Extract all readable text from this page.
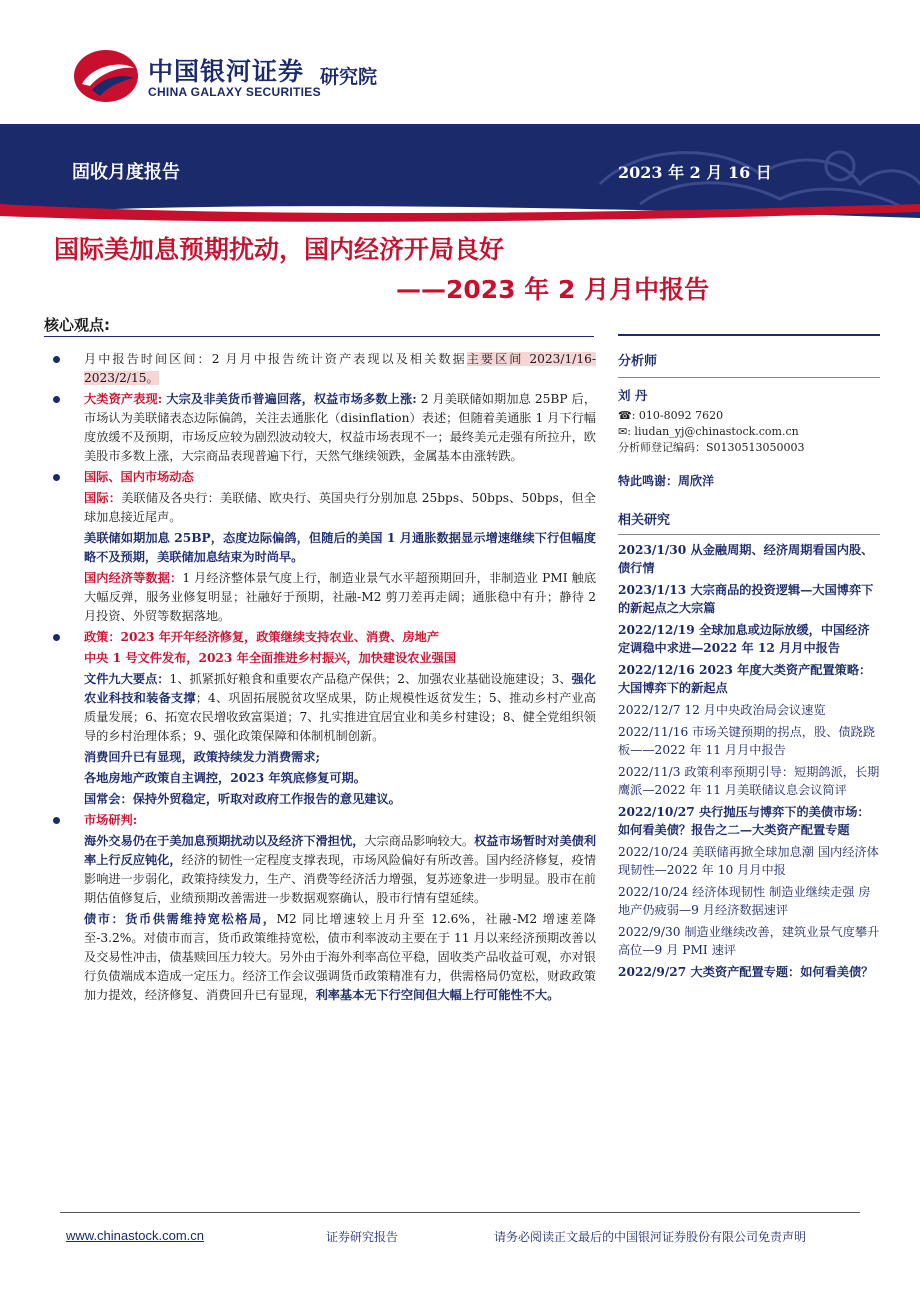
中国银河证券
CHINA GALAXY SECURITIES
研究院
固收月度报告	2023 年 2 月 16 日
国际美加息预期扰动，国内经济开局良好
——2023 年 2 月月中报告
核心观点:

月中报告时间区间：2 月月中报告统计资产表现以及相关数据主要区间 2023/1/16-2023/2/15。

大类资产表现: 大宗及非美货币普遍回落，权益市场多数上涨: 2 月美联储如期加息 25BP 后，市场认为美联储表态边际偏鸽，关注去通胀化（disinflation）表述；但随着美通胀 1 月下行幅度放缓不及预期，市场反应较为剧烈波动较大，权益市场表现不一；最终美元走强有所拉升，欧美股市多数上涨，大宗商品表现普遍下行，天然气继续领跌，金属基本由涨转跌。

国际、国内市场动态

国际：美联储及各央行：美联储、欧央行、英国央行分别加息 25bps、50bps、50bps，但全球加息接近尾声。

美联储如期加息 25BP，态度边际偏鸽，但随后的美国 1 月通胀数据显示增速继续下行但幅度略不及预期，美联储加息结束为时尚早。

国内经济等数据：1 月经济整体景气度上行，制造业景气水平超预期回升，非制造业 PMI 触底大幅反弹，服务业修复明显；社融好于预期，社融-M2 剪刀差再走阔；通胀稳中有升；静待 2 月投资、外贸等数据落地。

政策：2023 年开年经济修复，政策继续支持农业、消费、房地产

中央 1 号文件发布，2023 年全面推进乡村振兴，加快建设农业强国

文件九大要点：1、抓紧抓好粮食和重要农产品稳产保供；2、加强农业基础设施建设；3、强化农业科技和装备支撑；4、巩固拓展脱贫攻坚成果，防止规模性返贫发生；5、推动乡村产业高质量发展；6、拓宽农民增收致富渠道；7、扎实推进宜居宜业和美乡村建设；8、健全党组织领导的乡村治理体系；9、强化政策保障和体制机制创新。

消费回升已有显现，政策持续发力消费需求;

各地房地产政策自主调控，2023 年筑底修复可期。

国常会：保持外贸稳定，听取对政府工作报告的意见建议。

市场研判:

海外交易仍在于美加息预期扰动以及经济下滑担忧，大宗商品影响较大。权益市场暂时对美债利率上行反应钝化，经济的韧性一定程度支撑表现，市场风险偏好有所改善。国内经济修复，疫情影响进一步弱化，政策持续发力，生产、消费等经济活力增强，复苏迹象进一步明显。股市在前期估值修复后，业绩预期改善需进一步数据观察确认，股市行情有望延续。

债市：货币供需维持宽松格局，M2 同比增速较上月升至 12.6%，社融-M2 增速差降至-3.2%。对债市而言，货币政策维持宽松，债市利率波动主要在于 11 月以来经济预期改善以及交易性冲击，债基赎回压力较大。另外由于海外利率高位平稳，固收类产品收益可观，亦对银行负债端成本造成一定压力。经济工作会议强调货币政策精准有力，供需格局仍宽松，财政政策加力提效，经济修复、消费回升已有显现，利率基本无下行空间但大幅上行可能性不大。

分析师
刘 丹
☎: 010-8092 7620
✉: liudan_yj@chinastock.com.cn
分析师登记编码：S0130513050003
特此鸣谢：周欣洋
相关研究
2023/1/30 从金融周期、经济周期看国内股、债行情
2023/1/13 大宗商品的投资逻辑—大国博弈下的新起点之大宗篇
2022/12/19 全球加息或边际放缓，中国经济定调稳中求进—2022 年 12 月月中报告
2022/12/16 2023 年度大类资产配置策略：大国博弈下的新起点
2022/12/7 12 月中央政治局会议速览
2022/11/16 市场关键预期的拐点，股、债跷跷板——2022 年 11 月月中报告
2022/11/3 政策利率预期引导：短期鸽派，长期鹰派—2022 年 11 月美联储议息会议简评
2022/10/27 央行抛压与博弈下的美债市场：如何看美债？报告之二—大类资产配置专题
2022/10/24 美联储再掀全球加息潮 国内经济体现韧性—2022 年 10 月月中报
2022/10/24 经济体现韧性 制造业继续走强 房地产仍疲弱—9 月经济数据速评
2022/9/30 制造业继续改善，建筑业景气度攀升高位—9 月 PMI 速评
2022/9/27 大类资产配置专题：如何看美债？
www.chinastock.com.cn	证券研究报告	请务必阅读正文最后的中国银河证券股份有限公司免责声明
